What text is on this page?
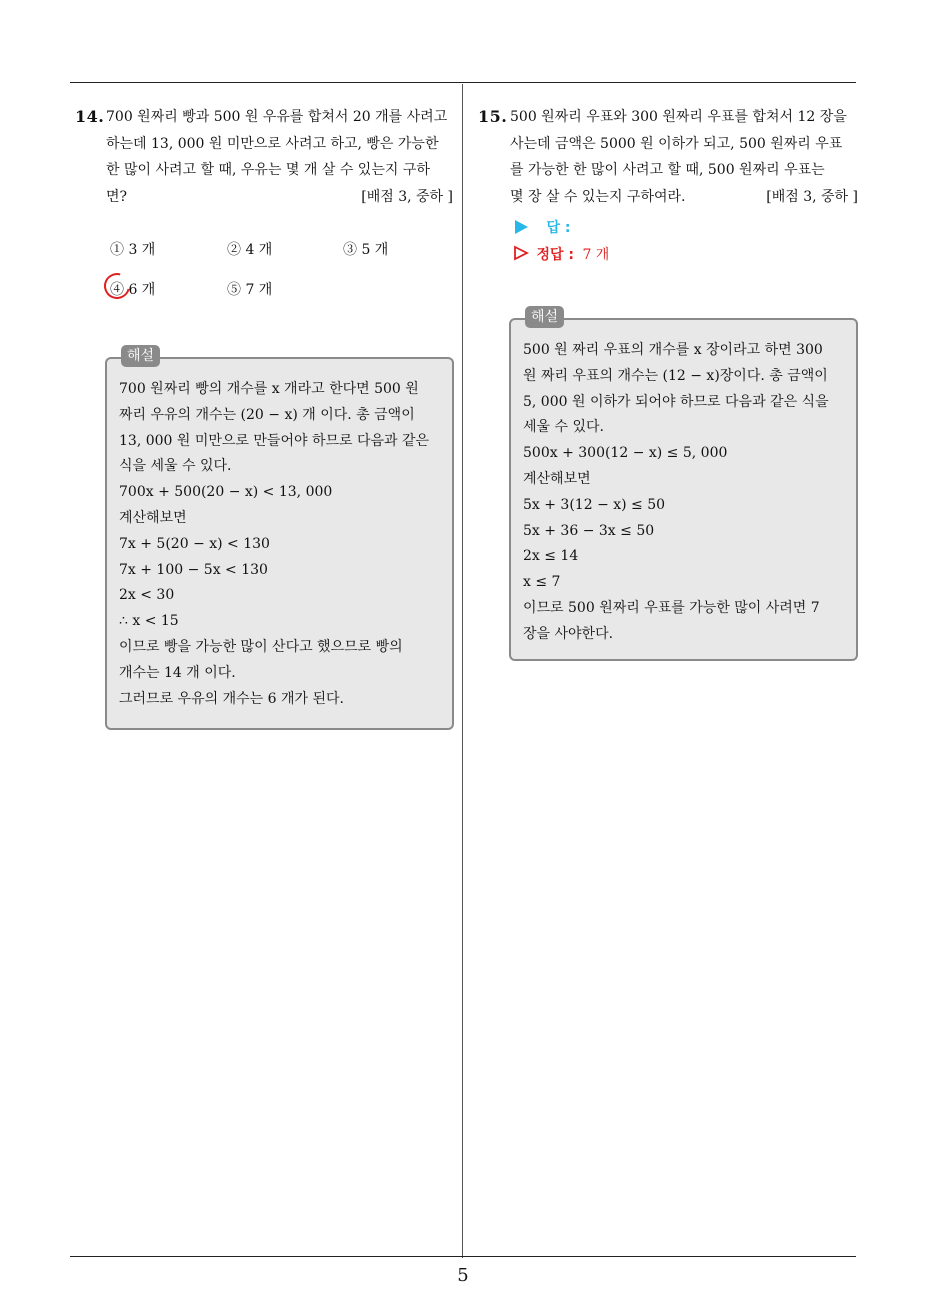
14. 700 원짜리 빵과 500 원 우유를 합쳐서 20 개를 사려고
하는데 13, 000 원 미만으로 사려고 하고, 빵은 가능한
한 많이 사려고 할 때, 우유는 몇 개 살 수 있는지 구하
면?	[배점 3, 중하 ]
① 3 개	② 4 개	③ 5 개
④ 6 개	⑤ 7 개
해설
700 원짜리 빵의 개수를 x 개라고 한다면 500 원
짜리 우유의 개수는 (20 − x) 개 이다. 총 금액이
13, 000 원 미만으로 만들어야 하므로 다음과 같은
식을 세울 수 있다.
700x + 500(20 − x) < 13, 000
계산해보면
7x + 5(20 − x) < 130
7x + 100 − 5x < 130
2x < 30
∴ x < 15
이므로 빵을 가능한 많이 산다고 했으므로 빵의
개수는 14 개 이다.
그러므로 우유의 개수는 6 개가 된다.
15. 500 원짜리 우표와 300 원짜리 우표를 합쳐서 12 장을
사는데 금액은 5000 원 이하가 되고, 500 원짜리 우표
를 가능한 한 많이 사려고 할 때, 500 원짜리 우표는
몇 장 살 수 있는지 구하여라.	[배점 3, 중하 ]
답 :
정답 : 7 개
해설
500 원 짜리 우표의 개수를 x 장이라고 하면 300
원 짜리 우표의 개수는 (12 − x)장이다. 총 금액이
5, 000 원 이하가 되어야 하므로 다음과 같은 식을
세울 수 있다.
500x + 300(12 − x) ≤ 5, 000
계산해보면
5x + 3(12 − x) ≤ 50
5x + 36 − 3x ≤ 50
2x ≤ 14
x ≤ 7
이므로 500 원짜리 우표를 가능한 많이 사려면 7
장을 사야한다.
5
